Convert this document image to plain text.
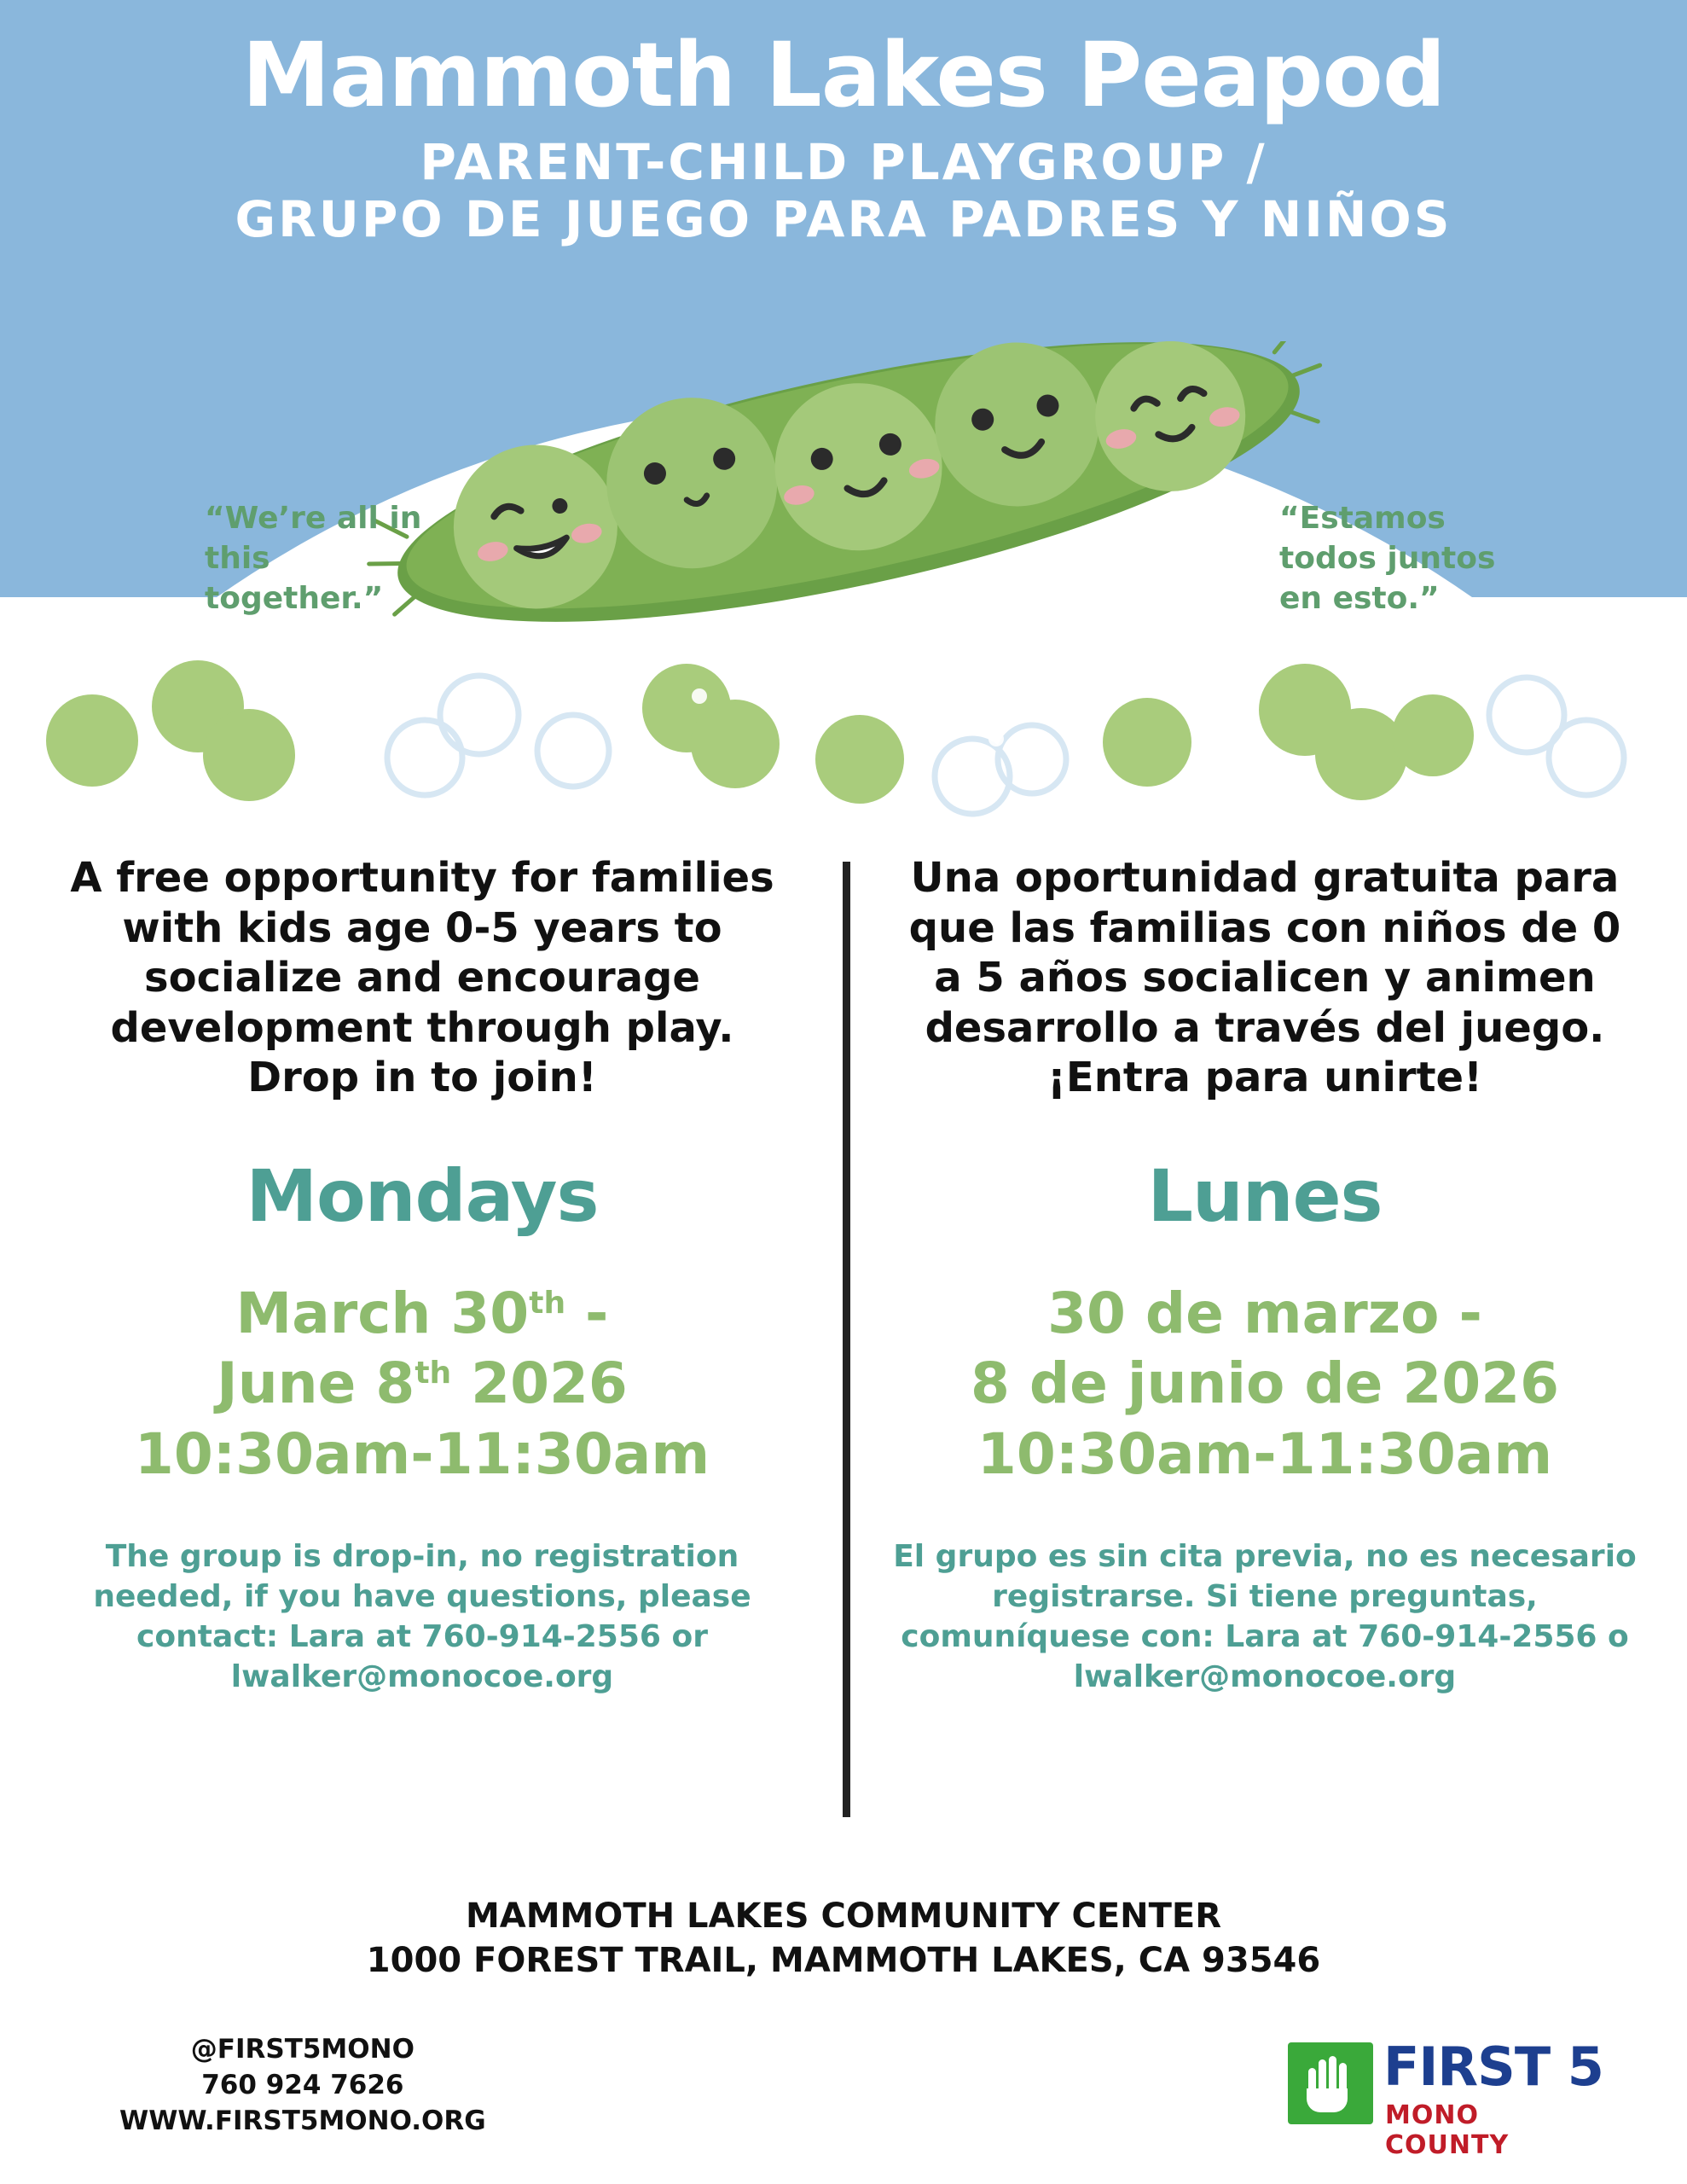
Mammoth Lakes Peapod
PARENT-CHILD PLAYGROUP /
GRUPO DE JUEGO PARA PADRES Y NIÑOS
“We’re all in this together.”
“Estamos todos juntos en esto.”

A free opportunity for families with kids age 0-5 years to socialize and encourage development through play. Drop in to join!

Mondays
March 30th -
June 8th 2026
10:30am-11:30am

The group is drop-in, no registration needed, if you have questions, please contact: Lara at 760-914-2556 or lwalker@monocoe.org

Una oportunidad gratuita para que las familias con niños de 0 a 5 años socialicen y animen desarrollo a través del juego. ¡Entra para unirte!

Lunes
30 de marzo -
8 de junio de 2026
10:30am-11:30am

El grupo es sin cita previa, no es necesario registrarse. Si tiene preguntas, comuníquese con: Lara at 760-914-2556 o lwalker@monocoe.org

MAMMOTH LAKES COMMUNITY CENTER
1000 FOREST TRAIL, MAMMOTH LAKES, CA 93546
@FIRST5MONO
760 924 7626
WWW.FIRST5MONO.ORG
FIRST 5
MONO COUNTY
